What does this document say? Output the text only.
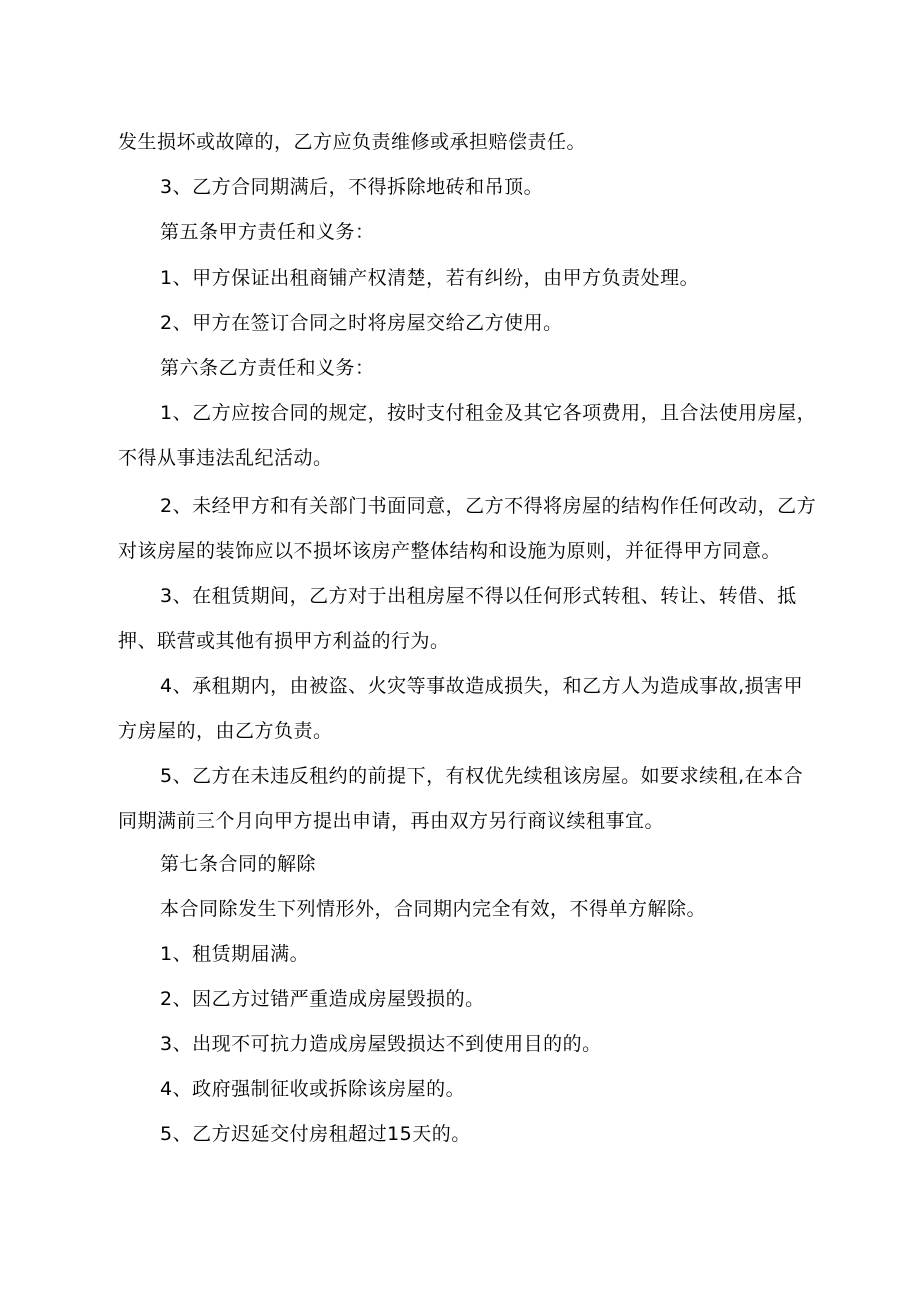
发生损坏或故障的，乙方应负责维修或承担赔偿责任。

3、乙方合同期满后，不得拆除地砖和吊顶。

第五条甲方责任和义务：

1、甲方保证出租商铺产权清楚，若有纠纷，由甲方负责处理。

2、甲方在签订合同之时将房屋交给乙方使用。

第六条乙方责任和义务：

1、乙方应按合同的规定，按时支付租金及其它各项费用，且合法使用房屋，不得从事违法乱纪活动。

2、未经甲方和有关部门书面同意，乙方不得将房屋的结构作任何改动，乙方对该房屋的装饰应以不损坏该房产整体结构和设施为原则，并征得甲方同意。

3、在租赁期间，乙方对于出租房屋不得以任何形式转租、转让、转借、抵押、联营或其他有损甲方利益的行为。

4、承租期内，由被盗、火灾等事故造成损失，和乙方人为造成事故,损害甲方房屋的，由乙方负责。

5、乙方在未违反租约的前提下，有权优先续租该房屋。如要求续租,在本合同期满前三个月向甲方提出申请，再由双方另行商议续租事宜。

第七条合同的解除

本合同除发生下列情形外，合同期内完全有效，不得单方解除。

1、租赁期届满。

2、因乙方过错严重造成房屋毁损的。

3、出现不可抗力造成房屋毁损达不到使用目的的。

4、政府强制征收或拆除该房屋的。

5、乙方迟延交付房租超过15天的。
